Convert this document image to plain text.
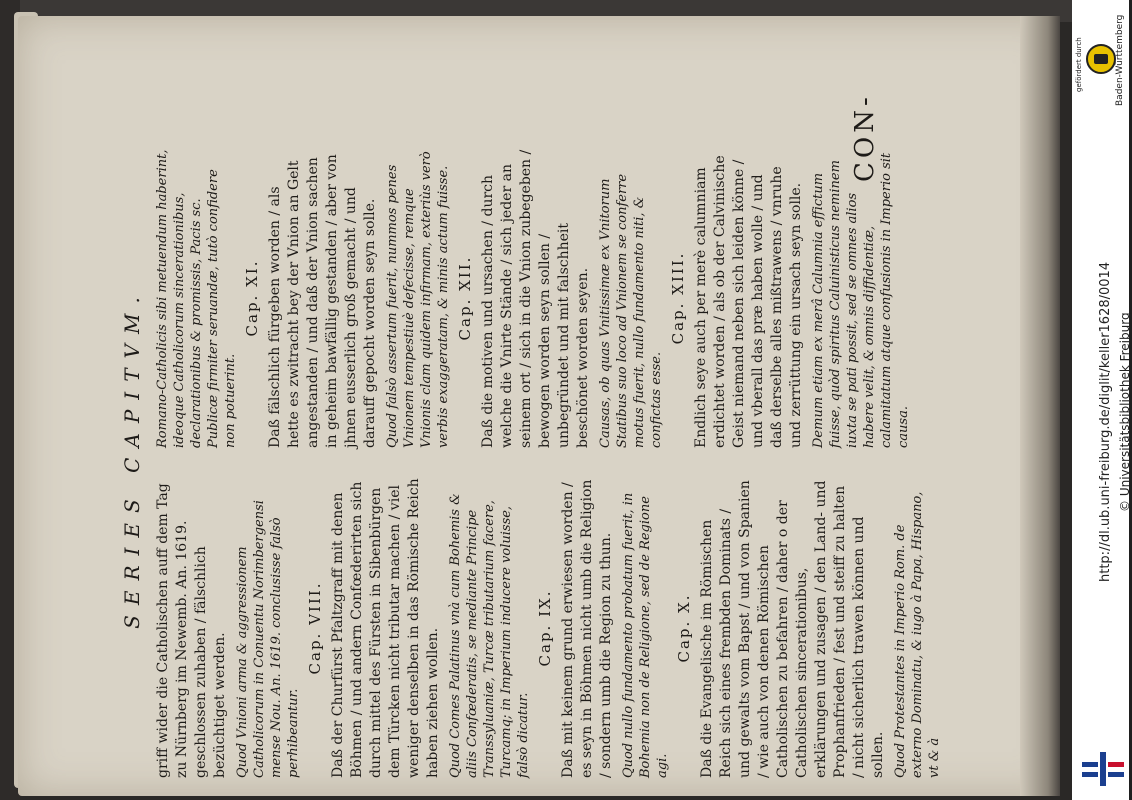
SERIES CAPITVM.

griff wider die Catholischen auff dem Tag zu Nürnberg im Newemb. An. 1619. geschlossen zuhaben / fälschlich bezüchtiget werden. Quod Vnioni arma & aggressionem Catholicorum in Conuentu Norimbergensi mense Nou. An. 1619. conclusisse falsò perhibeantur.

Cap. VIII. Daß der Churfürst Pfaltzgraff mit denen Böhmen / und andern Confœderirten sich durch mittel des Fürsten in Sibenbürgen dem Türcken nicht tributar machen / viel weniger denselben in das Römische Reich haben ziehen wollen. Quod Comes Palatinus vnà cum Bohemis & aliis Confœderatis, se mediante Principe Transsyluaniæ, Turcæ tributarium facere, Turcamq; in Imperium inducere voluisse, falsò dicatur.

Cap. IX. Daß mit keinem grund erwiesen worden / es seyn in Böhmen nicht umb die Religion / sondern umb die Region zu thun. Quod nullo fundamento probatum fuerit, in Bohemia non de Religione, sed de Regione agi.

Cap. X. Daß die Evangelische im Römischen Reich sich eines frembden Dominats / und gewalts vom Bapst / und von Spanien / wie auch von denen Römischen Catholischen zu befahren / daher o der Catholischen sincerationibus, erklärungen und zusagen / den Land- und Prophanfrieden / fest und steiff zu halten / nicht sicherlich trawen können und sollen. Quod Protestantes in Imperio Rom. de externo Dominatu, & iugo à Papa, Hispano, vt & à

Romano-Catholicis sibi metuendum haberint, ideoque Catholicorum sincerationibus, declarationibus & promissis, Pacis sc. Publicæ firmiter seruandæ, tutò confidere non potuerint.

Cap. XI. Daß fälschlich fürgeben worden / als hette es zwitracht bey der Vnion an Gelt angestanden / und daß der Vnion sachen in geheim bawfällig gestanden / aber von jhnen eusserlich groß gemacht / und darauff gepocht worden seyn solle. Quod falsò assertum fuerit, nummos penes Vnionem tempestiuè defecisse, remque Vnionis clam quidem infirmam, exteriùs verò verbis exaggeratam, & minis actum fuisse. Cap. XII. Daß die motiven und ursachen / durch welche die Vnirte Stände / sich jeder an seinem ort / sich in die Vnion zubegeben / bewogen worden seyn sollen / unbegründet und mit falschheit beschönet worden seyen. Causas, ob quas Vnitissimæ ex Vnitorum Statibus suo loco ad Vnionem se conferre motus fuerit, nullo fundamento niti, & confictas esse.

Cap. XIII. Endlich seye auch per merè calumniam erdichtet worden / als ob der Calvinische Geist niemand neben sich leiden könne / und vberall das præ haben wolle / und daß derselbe alles mißtrawens / vnruhe und zerrüttung ein ursach seyn solle. Demum etiam ex merâ Calumnia effictum fuisse, quòd spiritus Caluinisticus neminem iuxta se pati possit, sed se omnes alios habere velit, & omnis diffidentiæ, calamitatum atque confusionis in Imperio sit causa.

CON-
gefördert durch	Baden-Württemberg
http://dl.ub.uni-freiburg.de/diglit/keller1628/0014 © Universitätsbibliothek Freiburg
